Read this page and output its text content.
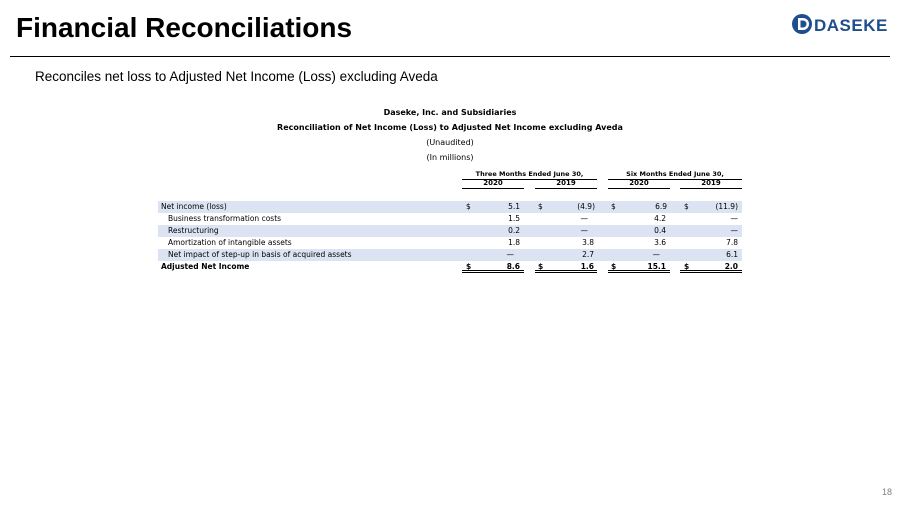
Financial Reconciliations	DASEKE
Reconciles net loss to Adjusted Net Income (Loss) excluding Aveda
Daseke, Inc. and Subsidiaries
Reconciliation of Net Income (Loss) to Adjusted Net Income excluding Aveda
(Unaudited)
(In millions)
Three Months Ended June 30,	Six Months Ended June 30,
2020	2019	2020	2019
Net income (loss)	$	5.1 $	(4.9) $	6.9 $	(11.9)
Business transformation costs	1.5	—	4.2	—
Restructuring	0.2	—	0.4	—
Amortization of intangible assets	1.8	3.8	3.6	7.8
Net impact of step-up in basis of acquired assets	—	2.7	—	6.1
Adjusted Net Income	$	8.6 $	1.6 $	15.1 $	2.0
18
